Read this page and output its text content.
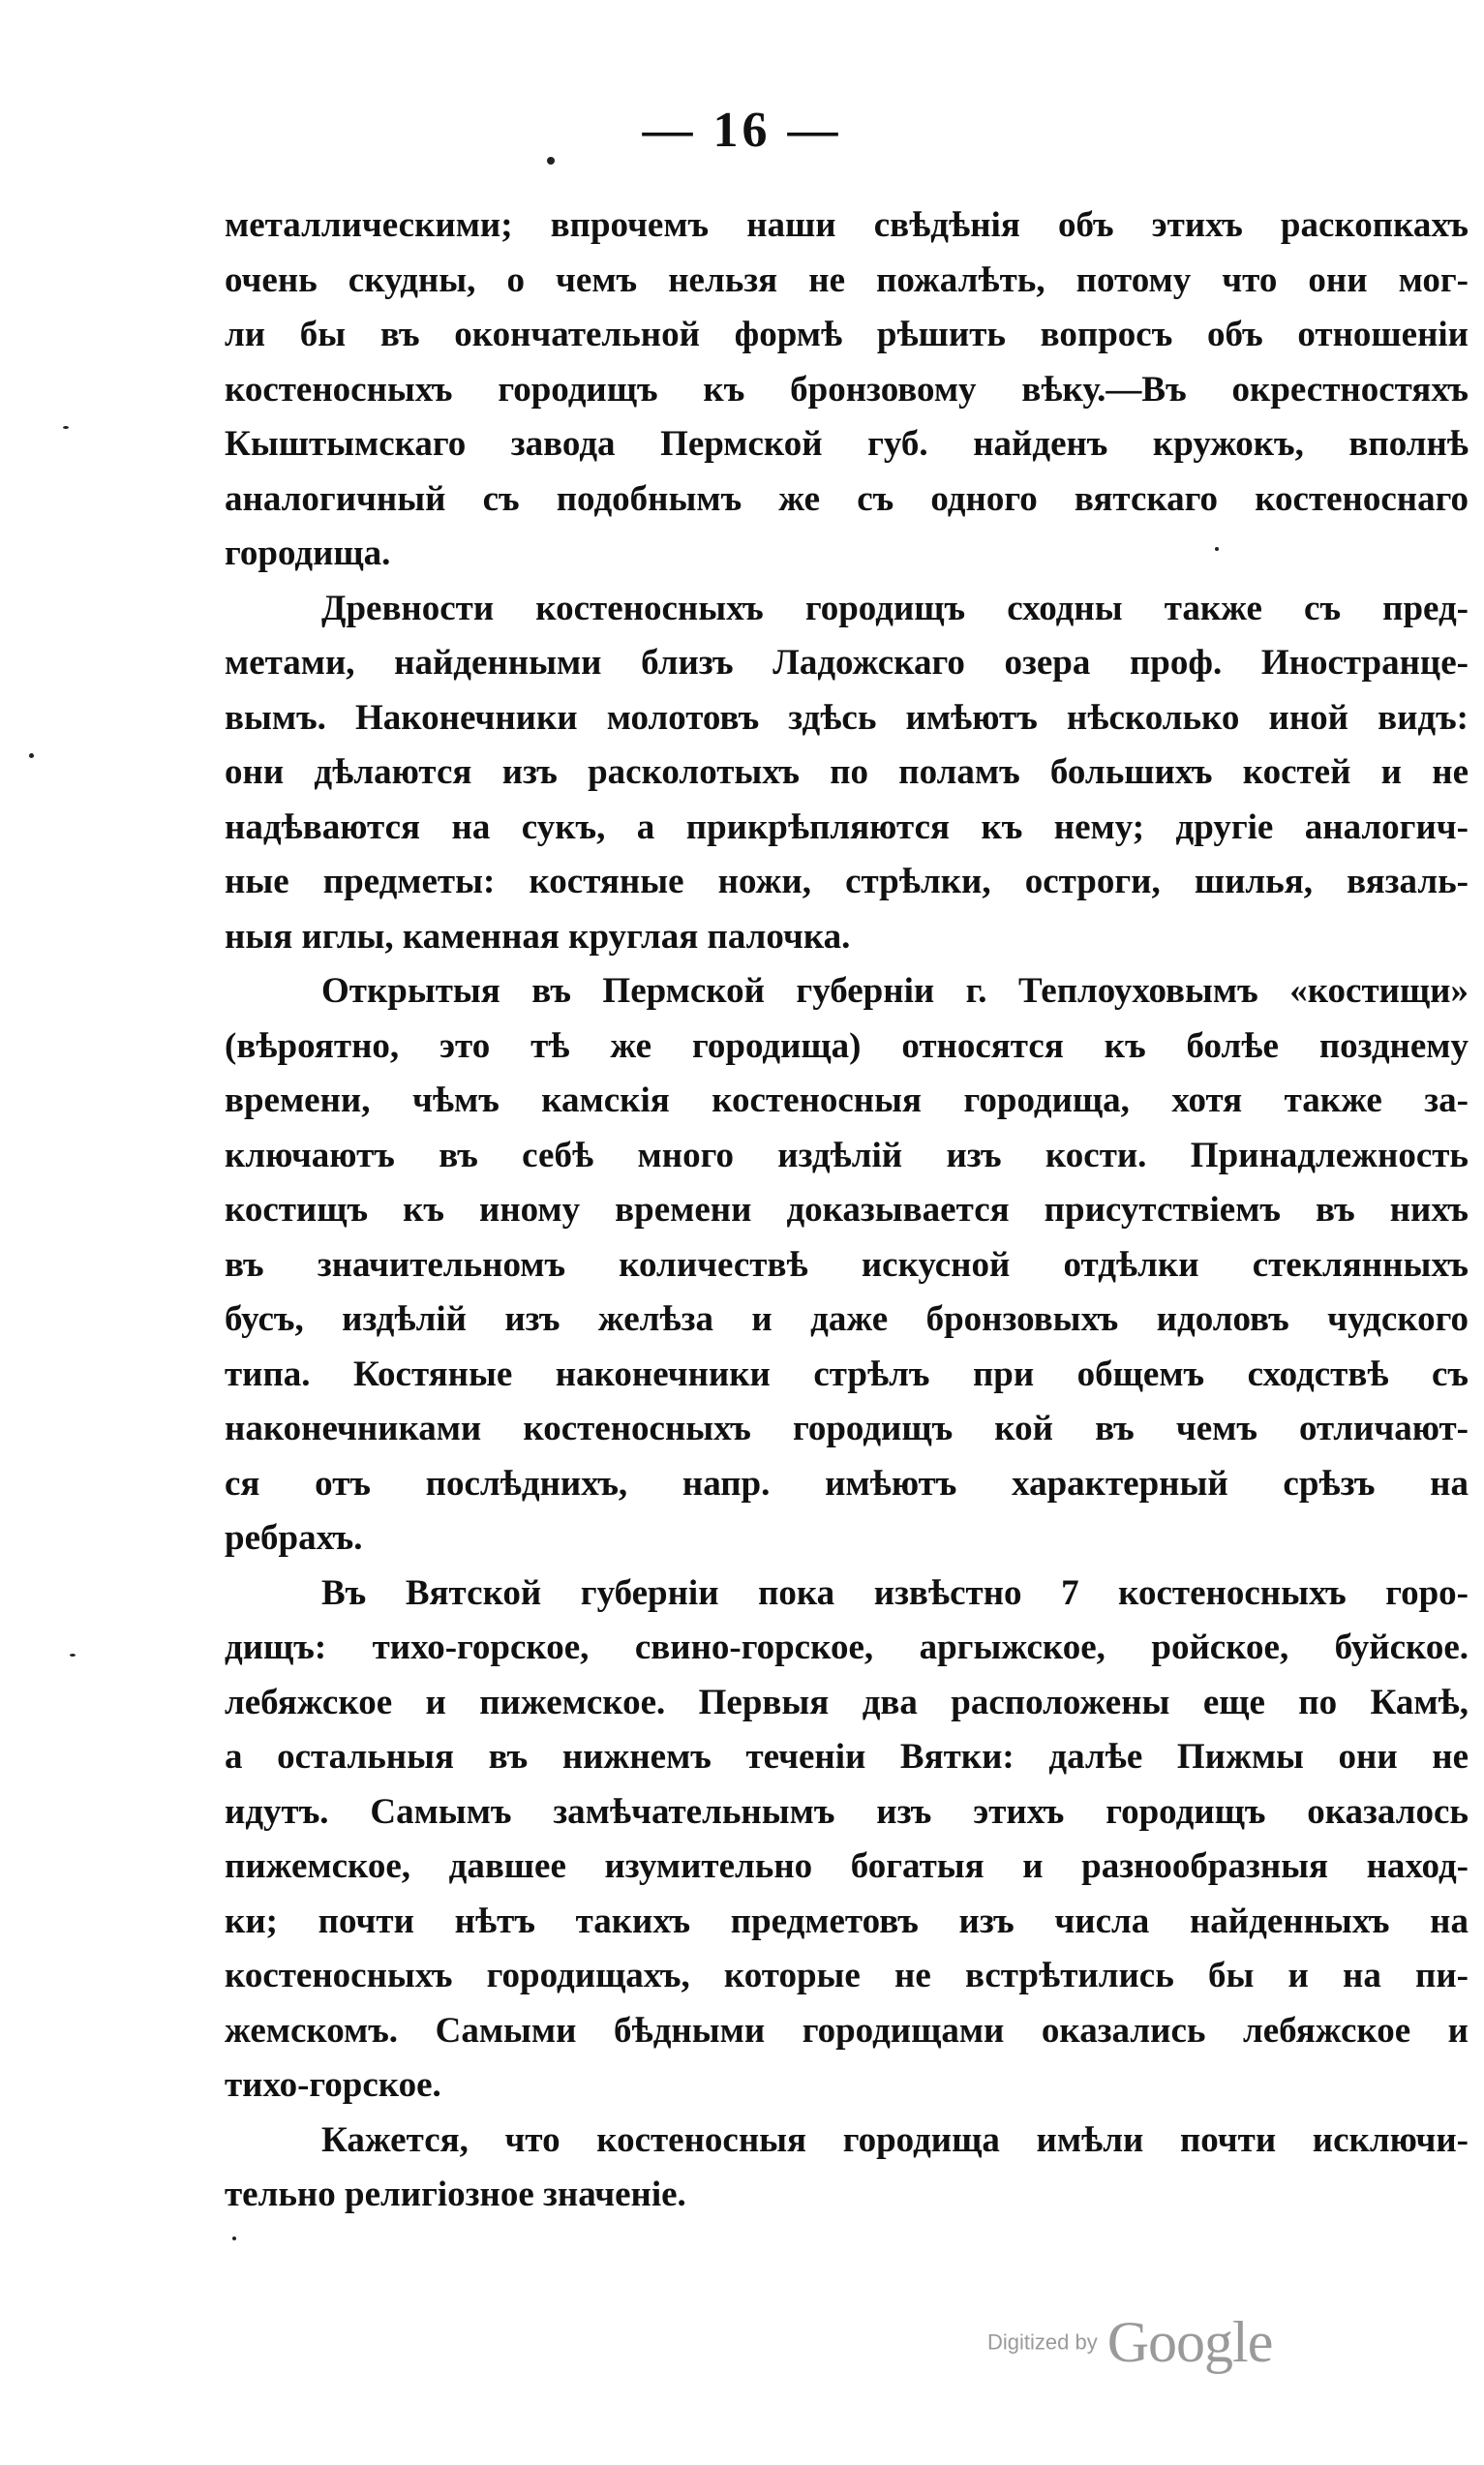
— 16 —

металлическими; впрочемъ наши свѣдѣнія объ этихъ раскопкахъ
очень скудны, о чемъ нельзя не пожалѣть, потому что они мог-
ли бы въ окончательной формѣ рѣшить вопросъ объ отношеніи
костеносныхъ городищъ къ бронзовому вѣку.—Въ окрестностяхъ
Кыштымскаго завода Пермской губ. найденъ кружокъ, вполнѣ
аналогичный съ подобнымъ же съ одного вятскаго костеноснаго
городища.

Древности костеносныхъ городищъ сходны также съ пред-
метами, найденными близъ Ладожскаго озера проф. Иностранце-
вымъ. Наконечники молотовъ здѣсь имѣютъ нѣсколько иной видъ:
они дѣлаются изъ расколотыхъ по поламъ большихъ костей и не
надѣваются на сукъ, а прикрѣпляются къ нему; другіе аналогич-
ные предметы: костяные ножи, стрѣлки, остроги, шилья, вязаль-
ныя иглы, каменная круглая палочка.

Открытыя въ Пермской губерніи г. Теплоуховымъ «костищи»
(вѣроятно, это тѣ же городища) относятся къ болѣе позднему
времени, чѣмъ камскія костеносныя городища, хотя также за-
ключаютъ въ себѣ много издѣлій изъ кости. Принадлежность
костищъ къ иному времени доказывается присутствіемъ въ нихъ
въ значительномъ количествѣ искусной отдѣлки стеклянныхъ
бусъ, издѣлій изъ желѣза и даже бронзовыхъ идоловъ чудского
типа. Костяные наконечники стрѣлъ при общемъ сходствѣ съ
наконечниками костеносныхъ городищъ кой въ чемъ отличают-
ся отъ послѣднихъ, напр. имѣютъ характерный срѣзъ на
ребрахъ.

Въ Вятской губерніи пока извѣстно 7 костеносныхъ горо-
дищъ: тихо-горское, свино-горское, аргыжское, ройское, буйское.
лебяжское и пижемское. Первыя два расположены еще по Камѣ,
а остальныя въ нижнемъ теченіи Вятки: далѣе Пижмы они не
идутъ. Самымъ замѣчательнымъ изъ этихъ городищъ оказалось
пижемское, давшее изумительно богатыя и разнообразныя наход-
ки; почти нѣтъ такихъ предметовъ изъ числа найденныхъ на
костеносныхъ городищахъ, которые не встрѣтились бы и на пи-
жемскомъ. Самыми бѣдными городищами оказались лебяжское и
тихо-горское.

Кажется, что костеносныя городища имѣли почти исключи-
тельно религіозное значеніе.

Digitized by Google
